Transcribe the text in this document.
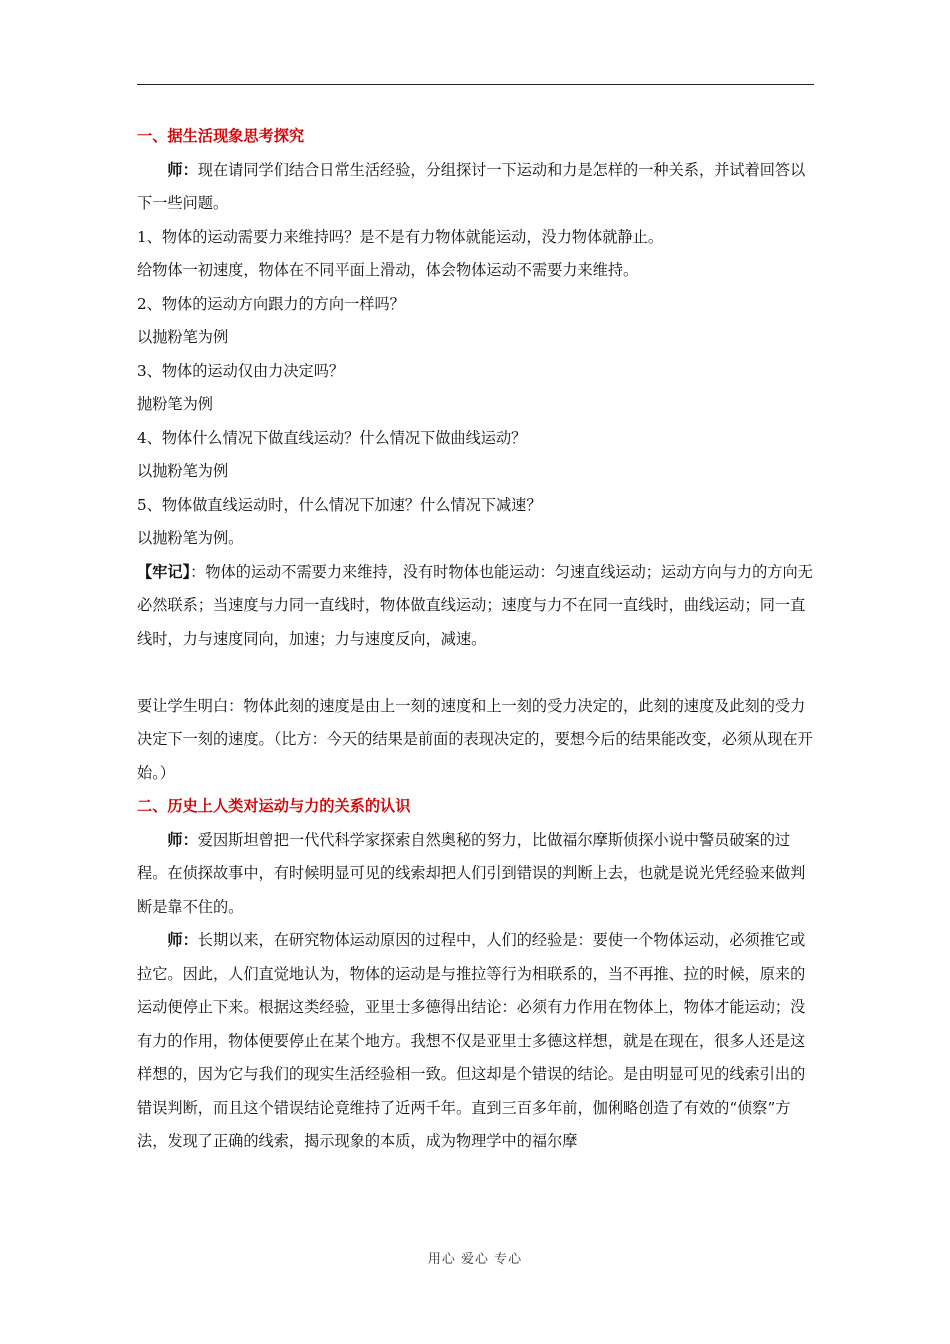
一、据生活现象思考探究

师：现在请同学们结合日常生活经验，分组探讨一下运动和力是怎样的一种关系，并试着回答以下一些问题。

1、物体的运动需要力来维持吗？是不是有力物体就能运动，没力物体就静止。

给物体一初速度，物体在不同平面上滑动，体会物体运动不需要力来维持。

2、物体的运动方向跟力的方向一样吗？

以抛粉笔为例

3、物体的运动仅由力决定吗？

抛粉笔为例

4、物体什么情况下做直线运动？什么情况下做曲线运动？

以抛粉笔为例

5、物体做直线运动时，什么情况下加速？什么情况下减速？

以抛粉笔为例。

【牢记】：物体的运动不需要力来维持，没有时物体也能运动：匀速直线运动；运动方向与力的方向无必然联系；当速度与力同一直线时，物体做直线运动；速度与力不在同一直线时，曲线运动；同一直线时，力与速度同向，加速；力与速度反向，减速。

要让学生明白：物体此刻的速度是由上一刻的速度和上一刻的受力决定的，此刻的速度及此刻的受力决定下一刻的速度。（比方：今天的结果是前面的表现决定的，要想今后的结果能改变，必须从现在开始。）

二、历史上人类对运动与力的关系的认识

师：爱因斯坦曾把一代代科学家探索自然奥秘的努力，比做福尔摩斯侦探小说中警员破案的过程。在侦探故事中，有时候明显可见的线索却把人们引到错误的判断上去，也就是说光凭经验来做判断是靠不住的。

师：长期以来，在研究物体运动原因的过程中，人们的经验是：要使一个物体运动，必须推它或拉它。因此，人们直觉地认为，物体的运动是与推拉等行为相联系的，当不再推、拉的时候，原来的运动便停止下来。根据这类经验，亚里士多德得出结论：必须有力作用在物体上，物体才能运动；没有力的作用，物体便要停止在某个地方。我想不仅是亚里士多德这样想，就是在现在，很多人还是这样想的，因为它与我们的现实生活经验相一致。但这却是个错误的结论。是由明显可见的线索引出的错误判断，而且这个错误结论竟维持了近两千年。直到三百多年前，伽俐略创造了有效的“侦察”方法，发现了正确的线索，揭示现象的本质，成为物理学中的福尔摩

用心 爱心 专心
